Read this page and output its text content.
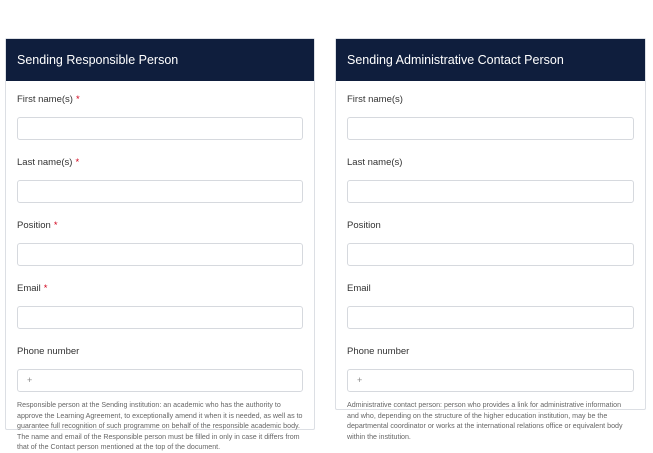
Sending Responsible Person
First name(s) *
Last name(s) *
Position *
Email *
Phone number
+
Responsible person at the Sending institution: an academic who has the authority to approve the Learning Agreement, to exceptionally amend it when it is needed, as well as to guarantee full recognition of such programme on behalf of the responsible academic body. The name and email of the Responsible person must be filled in only in case it differs from that of the Contact person mentioned at the top of the document.
Sending Administrative Contact Person
First name(s)
Last name(s)
Position
Email
Phone number
+
Administrative contact person: person who provides a link for administrative information and who, depending on the structure of the higher education institution, may be the departmental coordinator or works at the international relations office or equivalent body within the institution.
